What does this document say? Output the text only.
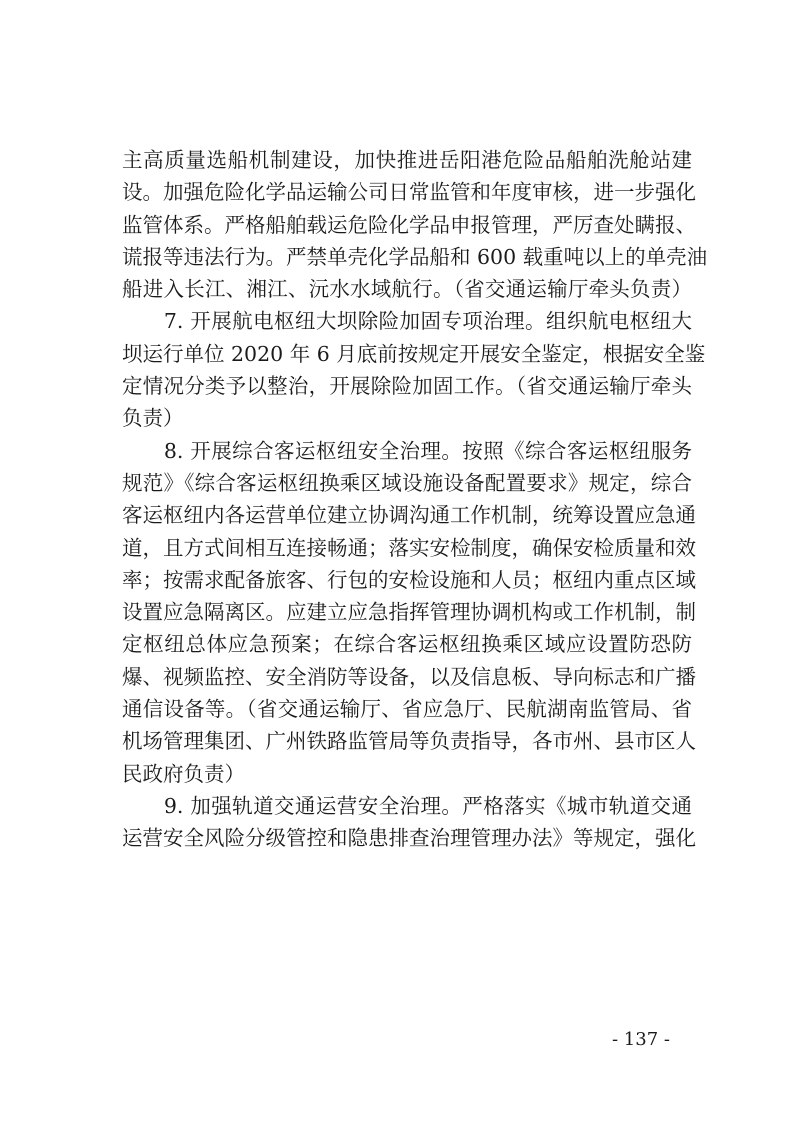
主高质量选船机制建设，加快推进岳阳港危险品船舶洗舱站建
设。加强危险化学品运输公司日常监管和年度审核，进一步强化
监管体系。严格船舶载运危险化学品申报管理，严厉查处瞒报、
谎报等违法行为。严禁单壳化学品船和 600 载重吨以上的单壳油
船进入长江、湘江、沅水水域航行。（省交通运输厅牵头负责）
　　7. 开展航电枢纽大坝除险加固专项治理。组织航电枢纽大
坝运行单位 2020 年 6 月底前按规定开展安全鉴定，根据安全鉴
定情况分类予以整治，开展除险加固工作。（省交通运输厅牵头
负责）
　　8. 开展综合客运枢纽安全治理。按照《综合客运枢纽服务
规范》《综合客运枢纽换乘区域设施设备配置要求》规定，综合
客运枢纽内各运营单位建立协调沟通工作机制，统筹设置应急通
道，且方式间相互连接畅通；落实安检制度，确保安检质量和效
率；按需求配备旅客、行包的安检设施和人员；枢纽内重点区域
设置应急隔离区。应建立应急指挥管理协调机构或工作机制，制
定枢纽总体应急预案；在综合客运枢纽换乘区域应设置防恐防
爆、视频监控、安全消防等设备，以及信息板、导向标志和广播
通信设备等。（省交通运输厅、省应急厅、民航湖南监管局、省
机场管理集团、广州铁路监管局等负责指导，各市州、县市区人
民政府负责）
　　9. 加强轨道交通运营安全治理。严格落实《城市轨道交通
运营安全风险分级管控和隐患排查治理管理办法》等规定，强化
- 137 -
